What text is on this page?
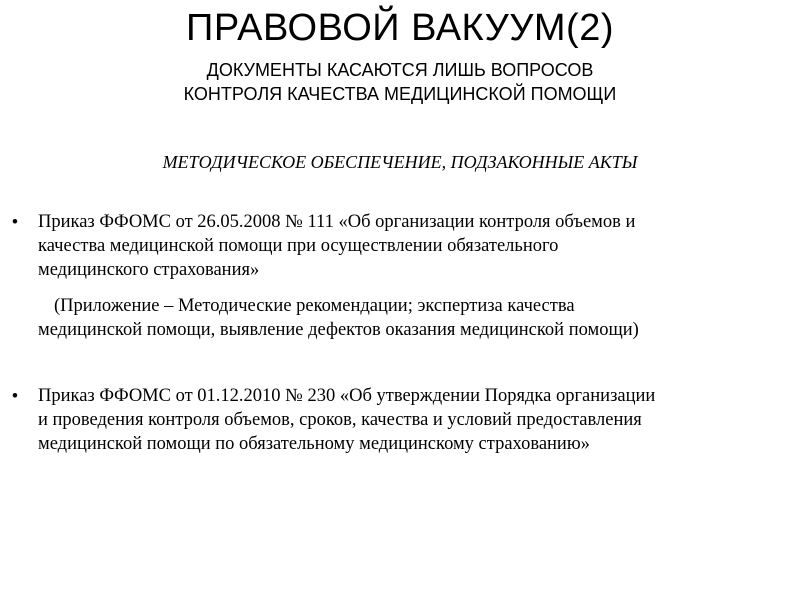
ПРАВОВОЙ ВАКУУМ(2)
ДОКУМЕНТЫ КАСАЮТСЯ ЛИШЬ ВОПРОСОВ
КОНТРОЛЯ КАЧЕСТВА МЕДИЦИНСКОЙ ПОМОЩИ
МЕТОДИЧЕСКОЕ ОБЕСПЕЧЕНИЕ, ПОДЗАКОННЫЕ АКТЫ
• Приказ ФФОМС от 26.05.2008 № 111 «Об организации контроля объемов и
качества медицинской помощи при осуществлении обязательного
медицинского страхования»
(Приложение – Методические рекомендации; экспертиза качества
медицинской помощи, выявление дефектов оказания медицинской помощи)
• Приказ ФФОМС от 01.12.2010 № 230 «Об утверждении Порядка организации
и проведения контроля объемов, сроков, качества и условий предоставления
медицинской помощи по обязательному медицинскому страхованию»
